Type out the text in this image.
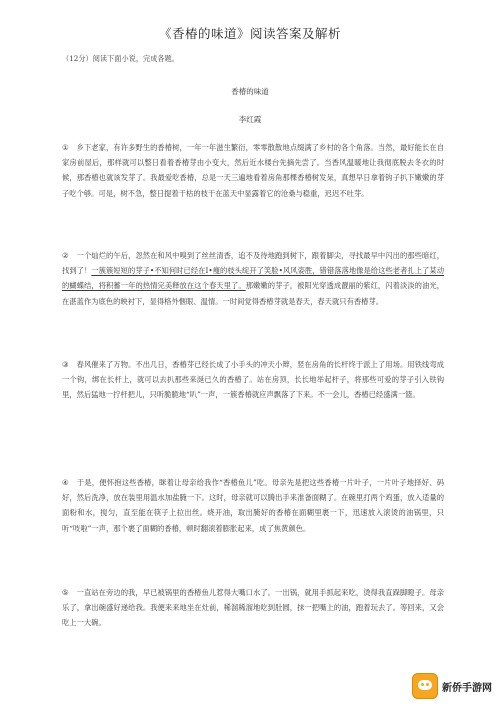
《香椿的味道》阅读答案及解析
（12分）阅读下面小说，完成各题。
香椿的味道
李红霞

① 乡下老家，有许多野生的香椿树，一年一年滋生繁衍，零零散散地点缀满了乡村的各个角落。当然，最好能长在自家房前屋后，那样就可以整日看着香椿芽由小变大，然后近水楼台先摘先尝了。当香风温暖地让我彻底脱去冬衣的时候，那香椿也就该发芽了。我最爱吃香椿，总是一天三遍地看着房角那棵香椿树发呆，真想早日拿着钩子扒下嫩嫩的芽子吃个够。可是，树不急，整日提着干枯的枝干在蓝天中显露着它的沧桑与稳重，迟迟不吐芽。

② 一个灿烂的午后，忽然在和风中嗅到了丝丝清香，追不及待地跑到树下，跟着脚尖，寻找最早中闪出的那些暗红，找到了！一簇簇短短的芽子•不知何时已经在Ⅰ•瘦的枝头绽开了笑脸•风风姿胜，错错落落地像是给这些老者扎上了某动的蝴蝶结，将积蓄一年的热情完美释放在这个春天里了。那嫩嫩的芽子，被阳光穿透成靓丽的紫红，闪着淡淡的油光，在湛蓝作为底色的映衬下，显得格外惬眼、温情。一时间觉得香椿芽就是春天，春天就只有香椿芽。

③ 春风催来了万物。不出几日，香椿芽已经长成了小手头的冲天小辫，竖在房角的长杆终于派上了用场。用铁线弯成一个钩，绑在长杆上，就可以去扒那些来涎已久的香椿了。站在房顶，长长地举起杆子，将那些可爱的芽子引入铁钩里，然后猛地一拧杆把儿，只听脆脆地“叭”一声，一簇香椿就应声飘落了下来。不一会儿，香椿已经盛满一篮。

④ 于是，便怀抱这些香椿，眯着让母亲给我作“香椿鱼儿”吃。母亲先是把这些香椿一片叶子，一片叶子地择好、码好，然后洗净，放在装里用温水加盐腌一下。这时，母亲就可以腾出手来准备面糊了。在碗里打两个鸡蛋，放入适量的面粉和水，搅匀，直至能在筷子上拉出丝。烧开油，取出腌好的香椿在面糊里裹一下，迅速放入滚烫的油锅里，只听“吱啦”一声，那个裹了面糊的香椿，顿时翻滚着膨胀起来，成了焦黄颜色。

⑤ 一直站在旁边的我，早已被锅里的香椿鱼儿惹得大嘴口水了。一出锅，就用手抓起来吃，烫得我直跺脚瞪子。母亲乐了，拿出碗盛好递给我。我便来来地坐在灶前，稀溜稀溜地吃到肚圆，抹一把嘴上的油，跑着玩去了。等回来，又会吃上一大碗。

新侨手游网
